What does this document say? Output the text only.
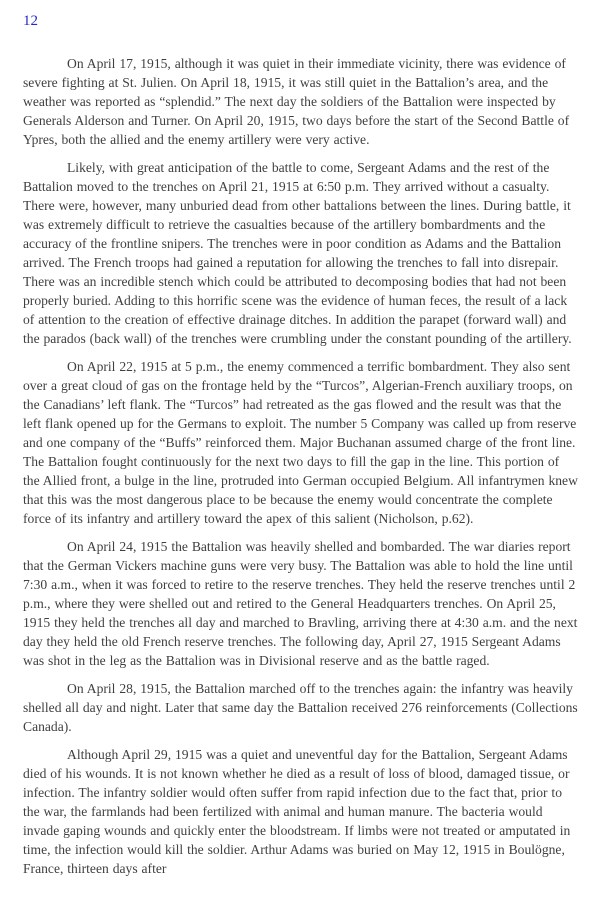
12

On April 17, 1915, although it was quiet in their immediate vicinity, there was evidence of severe fighting at St. Julien. On April 18, 1915, it was still quiet in the Battalion’s area, and the weather was reported as “splendid.” The next day the soldiers of the Battalion were inspected by Generals Alderson and Turner. On April 20, 1915, two days before the start of the Second Battle of Ypres, both the allied and the enemy artillery were very active.

Likely, with great anticipation of the battle to come, Sergeant Adams and the rest of the Battalion moved to the trenches on April 21, 1915 at 6:50 p.m. They arrived without a casualty. There were, however, many unburied dead from other battalions between the lines. During battle, it was extremely difficult to retrieve the casualties because of the artillery bombardments and the accuracy of the frontline snipers. The trenches were in poor condition as Adams and the Battalion arrived. The French troops had gained a reputation for allowing the trenches to fall into disrepair. There was an incredible stench which could be attributed to decomposing bodies that had not been properly buried. Adding to this horrific scene was the evidence of human feces, the result of a lack of attention to the creation of effective drainage ditches. In addition the parapet (forward wall) and the parados (back wall) of the trenches were crumbling under the constant pounding of the artillery.

On April 22, 1915 at 5 p.m., the enemy commenced a terrific bombardment. They also sent over a great cloud of gas on the frontage held by the “Turcos”, Algerian-French auxiliary troops, on the Canadians’ left flank. The “Turcos” had retreated as the gas flowed and the result was that the left flank opened up for the Germans to exploit. The number 5 Company was called up from reserve and one company of the “Buffs” reinforced them. Major Buchanan assumed charge of the front line. The Battalion fought continuously for the next two days to fill the gap in the line. This portion of the Allied front, a bulge in the line, protruded into German occupied Belgium. All infantrymen knew that this was the most dangerous place to be because the enemy would concentrate the complete force of its infantry and artillery toward the apex of this salient (Nicholson, p.62).

On April 24, 1915 the Battalion was heavily shelled and bombarded. The war diaries report that the German Vickers machine guns were very busy. The Battalion was able to hold the line until 7:30 a.m., when it was forced to retire to the reserve trenches. They held the reserve trenches until 2 p.m., where they were shelled out and retired to the General Headquarters trenches. On April 25, 1915 they held the trenches all day and marched to Bravling, arriving there at 4:30 a.m. and the next day they held the old French reserve trenches. The following day, April 27, 1915 Sergeant Adams was shot in the leg as the Battalion was in Divisional reserve and as the battle raged.

On April 28, 1915, the Battalion marched off to the trenches again: the infantry was heavily shelled all day and night. Later that same day the Battalion received 276 reinforcements (Collections Canada).

Although April 29, 1915 was a quiet and uneventful day for the Battalion, Sergeant Adams died of his wounds. It is not known whether he died as a result of loss of blood, damaged tissue, or infection. The infantry soldier would often suffer from rapid infection due to the fact that, prior to the war, the farmlands had been fertilized with animal and human manure. The bacteria would invade gaping wounds and quickly enter the bloodstream. If limbs were not treated or amputated in time, the infection would kill the soldier. Arthur Adams was buried on May 12, 1915 in Boulögne, France, thirteen days after
